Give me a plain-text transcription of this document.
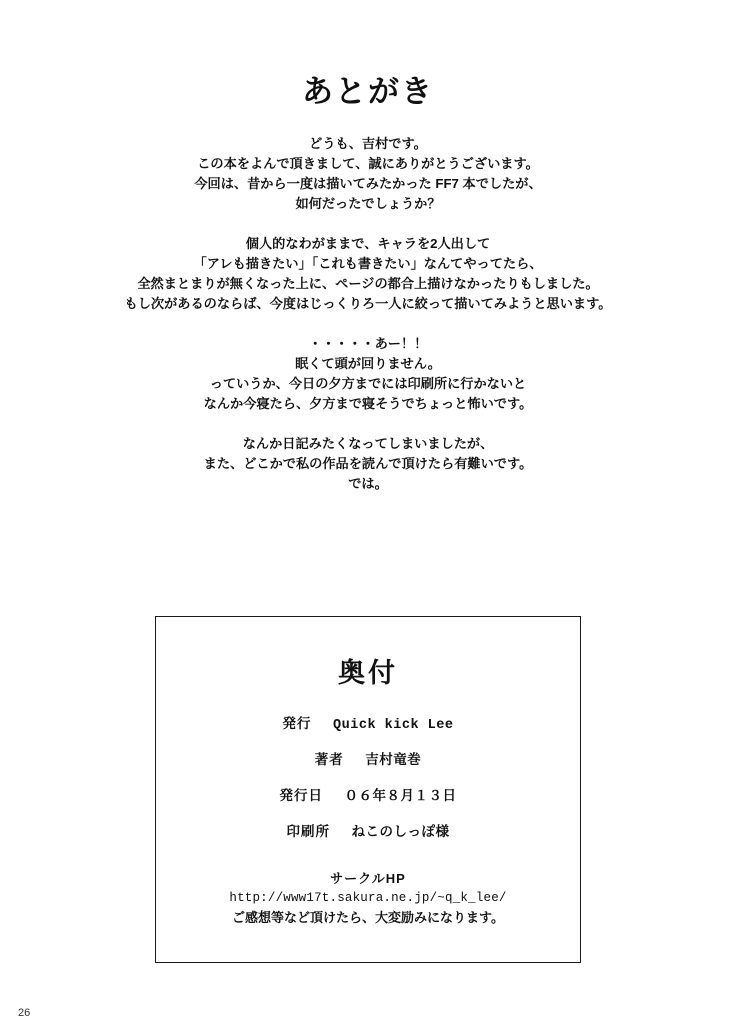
あとがき

どうも、吉村です。

この本をよんで頂きまして、誠にありがとうございます。

今回は、昔から一度は描いてみたかった FF7 本でしたが、

如何だったでしょうか？

個人的なわがままで、キャラを2人出して

「アレも描きたい」「これも書きたい」なんてやってたら、

全然まとまりが無くなった上に、ページの都合上描けなかったりもしました。

もし次があるのならば、今度はじっくりろ一人に絞って描いてみようと思います。

・・・・・あー！！

眠くて頭が回りません。

っていうか、今日の夕方までには印刷所に行かないと

なんか今寝たら、夕方まで寝そうでちょっと怖いです。

なんか日記みたくなってしまいましたが、

また、どこかで私の作品を読んで頂けたら有難いです。

では。

奥付
発行 Quick kick Lee
著者 吉村竜巻
発行日 ０６年８月１３日
印刷所 ねこのしっぽ様
サークルHP
http://www17t.sakura.ne.jp/~q_k_lee/
ご感想等など頂けたら、大変励みになります。
26
